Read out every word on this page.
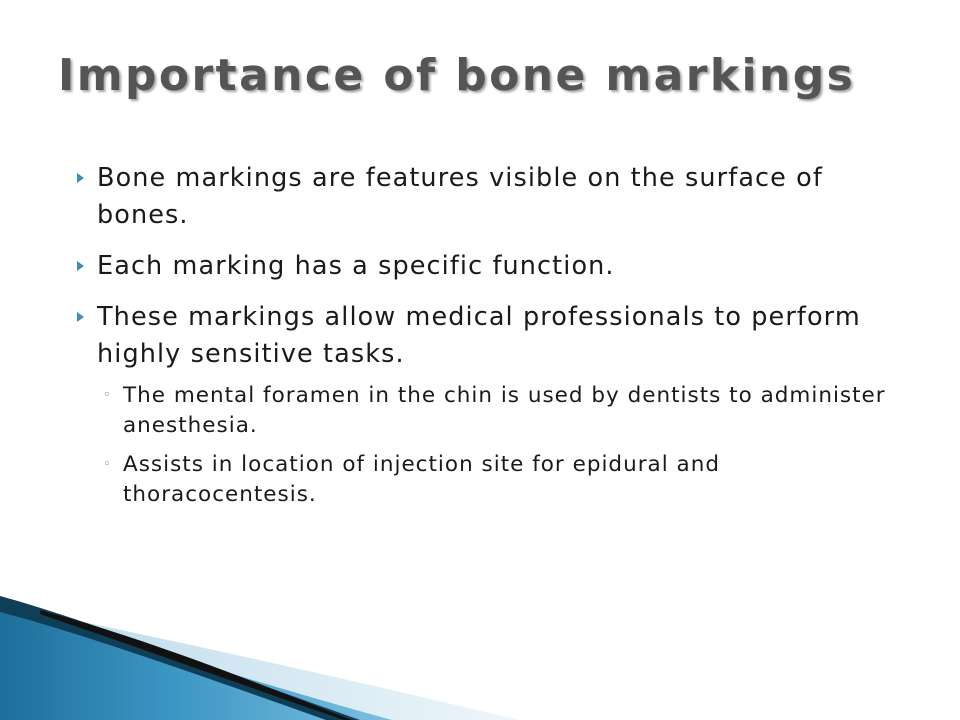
Importance of bone markings
Bone markings are features visible on the surface of bones.
Each marking has a specific function.
These markings allow medical professionals to perform highly sensitive tasks.
◦ The mental foramen in the chin is used by dentists to administer anesthesia.
◦ Assists in location of injection site for epidural and thoracocentesis.
